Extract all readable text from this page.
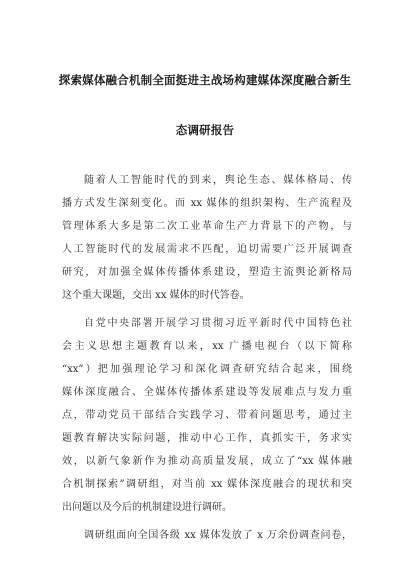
探索媒体融合机制全面挺进主战场构建媒体深度融合新生
态调研报告
随着人工智能时代的到来，舆论生态、媒体格局、传
播方式发生深刻变化。而 xx 媒体的组织架构、生产流程及
管理体系大多是第二次工业革命生产力背景下的产物，与
人工智能时代的发展需求不匹配，迫切需要广泛开展调查
研究，对加强全媒体传播体系建设，塑造主流舆论新格局
这个重大课题，交出 xx 媒体的时代答卷。
自党中央部署开展学习贯彻习近平新时代中国特色社
会主义思想主题教育以来，xx 广播电视台（以下简称
“xx”）把加强理论学习和深化调查研究结合起来，围绕
媒体深度融合、全媒体传播体系建设等发展难点与发力重
点，带动党员干部结合实践学习、带着问题思考，通过主
题教育解决实际问题，推动中心工作，真抓实干，务求实
效，以新气象新作为推动高质量发展，成立了“xx 媒体融
合机制探索”调研组，对当前 xx 媒体深度融合的现状和突
出问题以及今后的机制建设进行调研。
调研组面向全国各级 xx 媒体发放了 x 万余份调查问卷，
